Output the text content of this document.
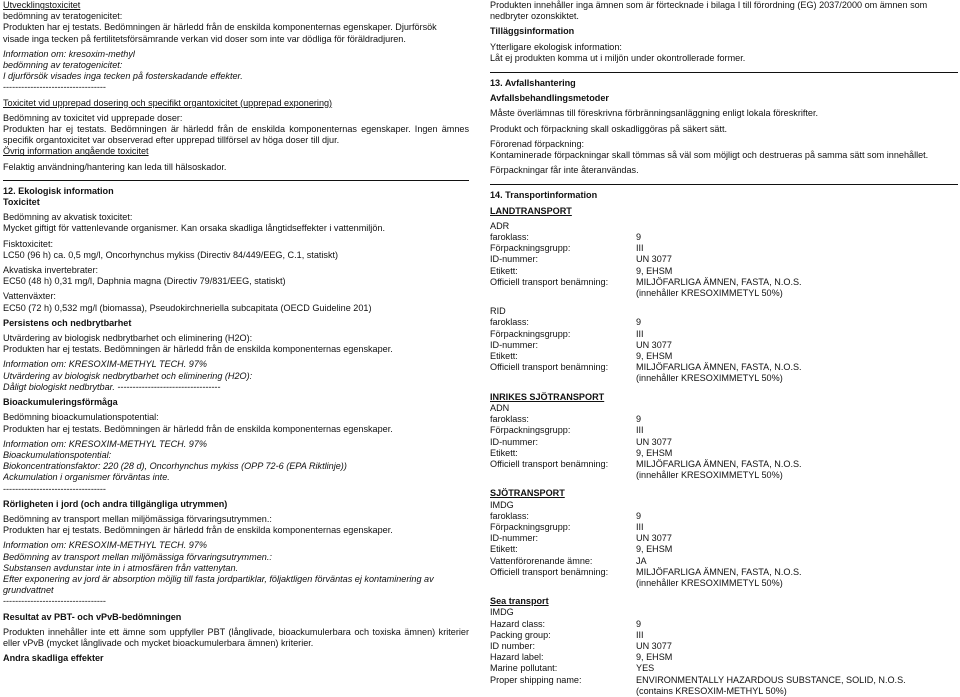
Utvecklingstoxicitet

bedömning av teratogenicitet:

Produkten har ej testats. Bedömningen är härledd från de enskilda komponenternas egenskaper. Djurförsök

visade inga tecken på fertilitetsförsämrande verkan vid doser som inte var dödliga för föräldradjuren.

Information om: kresoxim-methyl

bedömning av teratogenicitet:

I djurförsök visades inga tecken på fosterskadande effekter.

----------------------------------

Toxicitet vid upprepad dosering och specifikt organtoxicitet (upprepad exponering)

Bedömning av toxicitet vid upprepade doser:

Produkten har ej testats. Bedömningen är härledd från de enskilda komponenternas egenskaper. Ingen ämnes specifik organtoxicitet var observerad efter upprepad tillförsel av höga doser till djur.

Övrig information angående toxicitet

Felaktig användning/hantering kan leda till hälsoskador.

12. Ekologisk information

Toxicitet

Bedömning av akvatisk toxicitet:

Mycket giftigt för vattenlevande organismer. Kan orsaka skadliga långtidseffekter i vattenmiljön.

Fisktoxicitet:

LC50 (96 h) ca. 0,5 mg/l, Oncorhynchus mykiss (Directiv 84/449/EEG, C.1, statiskt)

Akvatiska invertebrater:

EC50 (48 h) 0,31 mg/l, Daphnia magna (Directiv 79/831/EEG, statiskt)

Vattenväxter:

EC50 (72 h) 0,532 mg/l (biomassa), Pseudokirchneriella subcapitata (OECD Guideline 201)

Persistens och nedbrytbarhet

Utvärdering av biologisk nedbrytbarhet och eliminering (H2O):

Produkten har ej testats. Bedömningen är härledd från de enskilda komponenternas egenskaper.

Information om: KRESOXIM-METHYL TECH. 97%

Utvärdering av biologisk nedbrytbarhet och eliminering (H2O):

Dåligt biologiskt nedbrytbar. ----------------------------------

Bioackumuleringsförmåga

Bedömning bioackumulationspotential:

Produkten har ej testats. Bedömningen är härledd från de enskilda komponenternas egenskaper.

Information om: KRESOXIM-METHYL TECH. 97%

Bioackumulationspotential:

Biokoncentrationsfaktor: 220 (28 d), Oncorhynchus mykiss (OPP 72-6 (EPA Riktlinje))

Ackumulation i organismer förväntas inte.

----------------------------------

Rörligheten i jord (och andra tillgängliga utrymmen)

Bedömning av transport mellan miljömässiga förvaringsutrymmen.:

Produkten har ej testats. Bedömningen är härledd från de enskilda komponenternas egenskaper.

Information om: KRESOXIM-METHYL TECH. 97%

Bedömning av transport mellan miljömässiga förvaringsutrymmen.:

Substansen avdunstar inte in i atmosfären från vattenytan.

Efter exponering av jord är absorption möjlig till fasta jordpartiklar, följaktligen förväntas ej kontaminering av grundvattnet

----------------------------------

Resultat av PBT- och vPvB-bedömningen

Produkten innehåller inte ett ämne som uppfyller PBT (långlivade, bioackumulerbara och toxiska ämnen) kriterier eller vPvB (mycket långlivade och mycket bioackumulerbara ämnen) kriterier.

Andra skadliga effekter

Produkten innehåller inga ämnen som är förtecknade i bilaga I till förordning (EG) 2037/2000 om ämnen som nedbryter ozonskiktet.

Tilläggsinformation

Ytterligare ekologisk information:

Låt ej produkten komma ut i miljön under okontrollerade former.

13. Avfallshantering

Avfallsbehandlingsmetoder

Måste överlämnas till föreskrivna förbränningsanläggning enligt lokala föreskrifter.

Produkt och förpackning skall oskadliggöras på säkert sätt.

Förorenad förpackning:

Kontaminerade förpackningar skall tömmas så väl som möjligt och destrueras på samma sätt som innehållet.

Förpackningar får inte återanvändas.

14. Transportinformation

LANDTRANSPORT

ADR

faroklass:	9
Förpackningsgrupp:	III
ID-nummer:	UN 3077
Etikett:	9, EHSM
Officiell transport benämning:	MILJÖFARLIGA ÄMNEN, FASTA, N.O.S.

(innehåller KRESOXIMMETYL 50%)

RID

faroklass:	9
Förpackningsgrupp:	III
ID-nummer:	UN 3077
Etikett:	9, EHSM
Officiell transport benämning:	MILJÖFARLIGA ÄMNEN, FASTA, N.O.S.

(innehåller KRESOXIMMETYL 50%)

INRIKES SJÖTRANSPORT

ADN

faroklass:	9
Förpackningsgrupp:	III
ID-nummer:	UN 3077
Etikett:	9, EHSM
Officiell transport benämning:	MILJÖFARLIGA ÄMNEN, FASTA, N.O.S.

(innehåller KRESOXIMMETYL 50%)

SJÖTRANSPORT

IMDG

faroklass:	9
Förpackningsgrupp:	III
ID-nummer:	UN 3077
Etikett:	9, EHSM
Vattenförorenande ämne:	JA
Officiell transport benämning:	MILJÖFARLIGA ÄMNEN, FASTA, N.O.S.

(innehåller KRESOXIMMETYL 50%)

Sea transport

IMDG

Hazard class:	9
Packing group:	III
ID number:	UN 3077
Hazard label:	9, EHSM
Marine pollutant:	YES
Proper shipping name:	ENVIRONMENTALLY HAZARDOUS SUBSTANCE, SOLID, N.O.S.

(contains KRESOXIM-METHYL 50%)
